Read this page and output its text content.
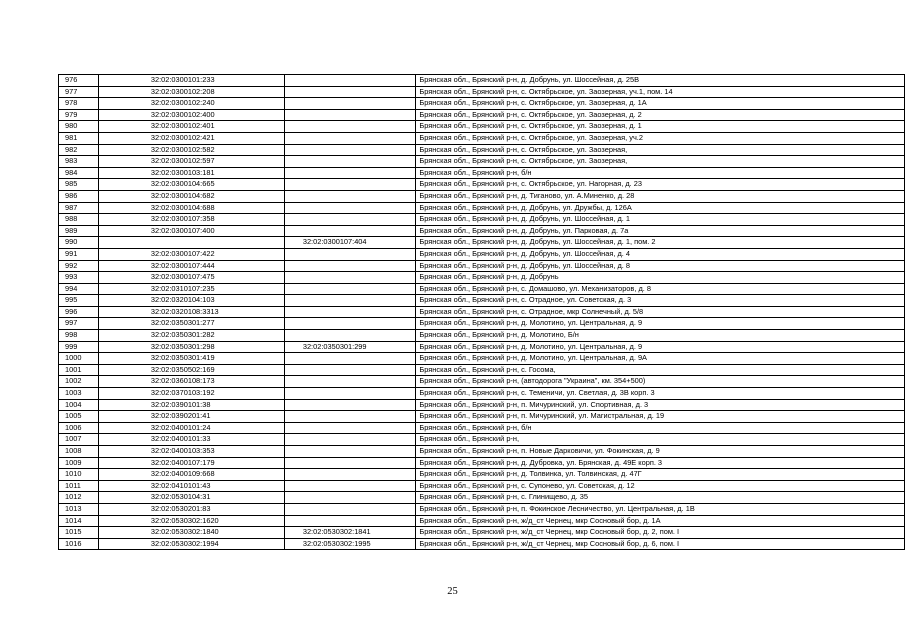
976	32:02:0300101:233		Брянская обл., Брянский р-н, д. Добрунь, ул. Шоссейная, д. 25В
977	32:02:0300102:208		Брянская обл., Брянский р-н, с. Октябрьское, ул. Заозерная, уч.1, пом. 14
978	32:02:0300102:240		Брянская обл., Брянский р-н, с. Октябрьское, ул. Заозерная, д. 1А
979	32:02:0300102:400		Брянская обл., Брянский р-н, с. Октябрьское, ул. Заозерная, д. 2
980	32:02:0300102:401		Брянская обл., Брянский р-н, с. Октябрьское, ул. Заозерная, д. 1
981	32:02:0300102:421		Брянская обл., Брянский р-н, с. Октябрьское, ул. Заозерная, уч.2
982	32:02:0300102:582		Брянская обл., Брянский р-н, с. Октябрьское, ул. Заозерная,
983	32:02:0300102:597		Брянская обл., Брянский р-н, с. Октябрьское, ул. Заозерная,
984	32:02:0300103:181		Брянская обл., Брянский р-н, б/н
985	32:02:0300104:665		Брянская обл., Брянский р-н, с. Октябрьское, ул. Нагорная, д. 23
986	32:02:0300104:682		Брянская обл., Брянский р-н, д. Тиганово, ул. А.Миненко, д. 28
987	32:02:0300104:688		Брянская обл., Брянский р-н, д. Добрунь, ул. Дружбы, д. 126А
988	32:02:0300107:358		Брянская обл., Брянский р-н, д. Добрунь, ул. Шоссейная, д. 1
989	32:02:0300107:400		Брянская обл., Брянский р-н, д. Добрунь, ул. Парковая, д. 7а
990		32:02:0300107:404	Брянская обл., Брянский р-н, д. Добрунь, ул. Шоссейная, д. 1, пом. 2
991	32:02:0300107:422		Брянская обл., Брянский р-н, д. Добрунь, ул. Шоссейная, д. 4
992	32:02:0300107:444		Брянская обл., Брянский р-н, д. Добрунь, ул. Шоссейная, д. 8
993	32:02:0300107:475		Брянская обл., Брянский р-н, д. Добрунь
994	32:02:0310107:235		Брянская обл., Брянский р-н, с. Домашово, ул. Механизаторов, д. 8
995	32:02:0320104:103		Брянская обл., Брянский р-н, с. Отрадное, ул. Советская, д. 3
996	32:02:0320108:3313		Брянская обл., Брянский р-н, с. Отрадное, мкр Солнечный, д. 5/8
997	32:02:0350301:277		Брянская обл., Брянский р-н, д. Молотино, ул. Центральная, д. 9
998	32:02:0350301:282		Брянская обл., Брянский р-н, д. Молотино, Б/н
999	32:02:0350301:298	32:02:0350301:299	Брянская обл., Брянский р-н, д. Молотино, ул. Центральная, д. 9
1000	32:02:0350301:419		Брянская обл., Брянский р-н, д. Молотино, ул. Центральная, д. 9А
1001	32:02:0350502:169		Брянская обл., Брянский р-н, с. Госома,
1002	32:02:0360108:173		Брянская обл., Брянский р-н, (автодорога "Украина", км. 354+500)
1003	32:02:0370103:192		Брянская обл., Брянский р-н, с. Теменичи, ул. Светлая, д. 3В корп. 3
1004	32:02:0390101:38		Брянская обл., Брянский р-н, п. Мичуринский, ул. Спортивная, д. 3
1005	32:02:0390201:41		Брянская обл., Брянский р-н, п. Мичуринский, ул. Магистральная, д. 19
1006	32:02:0400101:24		Брянская обл., Брянский р-н, б/н
1007	32:02:0400101:33		Брянская обл., Брянский р-н,
1008	32:02:0400103:353		Брянская обл., Брянский р-н, п. Новые Дарковичи, ул. Фокинская, д. 9
1009	32:02:0400107:179		Брянская обл., Брянский р-н, д. Дубровка, ул. Брянская, д. 49Е корп. 3
1010	32:02:0400109:668		Брянская обл., Брянский р-н, д. Толвинка, ул. Толвинская, д. 47Г
1011	32:02:0410101:43		Брянская обл., Брянский р-н, с. Супонево, ул. Советская, д. 12
1012	32:02:0530104:31		Брянская обл., Брянский р-н, с. Глинищево, д. 35
1013	32:02:0530201:83		Брянская обл., Брянский р-н, п. Фокинское Лесничество, ул. Центральная, д. 1В
1014	32:02:0530302:1620		Брянская обл., Брянский р-н, ж/д_ст Чернец, мкр Сосновый бор, д. 1А
1015	32:02:0530302:1840	32:02:0530302:1841	Брянская обл., Брянский р-н, ж/д_ст Чернец, мкр Сосновый бор, д. 2, пом. I
1016	32:02:0530302:1994	32:02:0530302:1995	Брянская обл., Брянский р-н, ж/д_ст Чернец, мкр Сосновый бор, д. 6, пом. I
25
